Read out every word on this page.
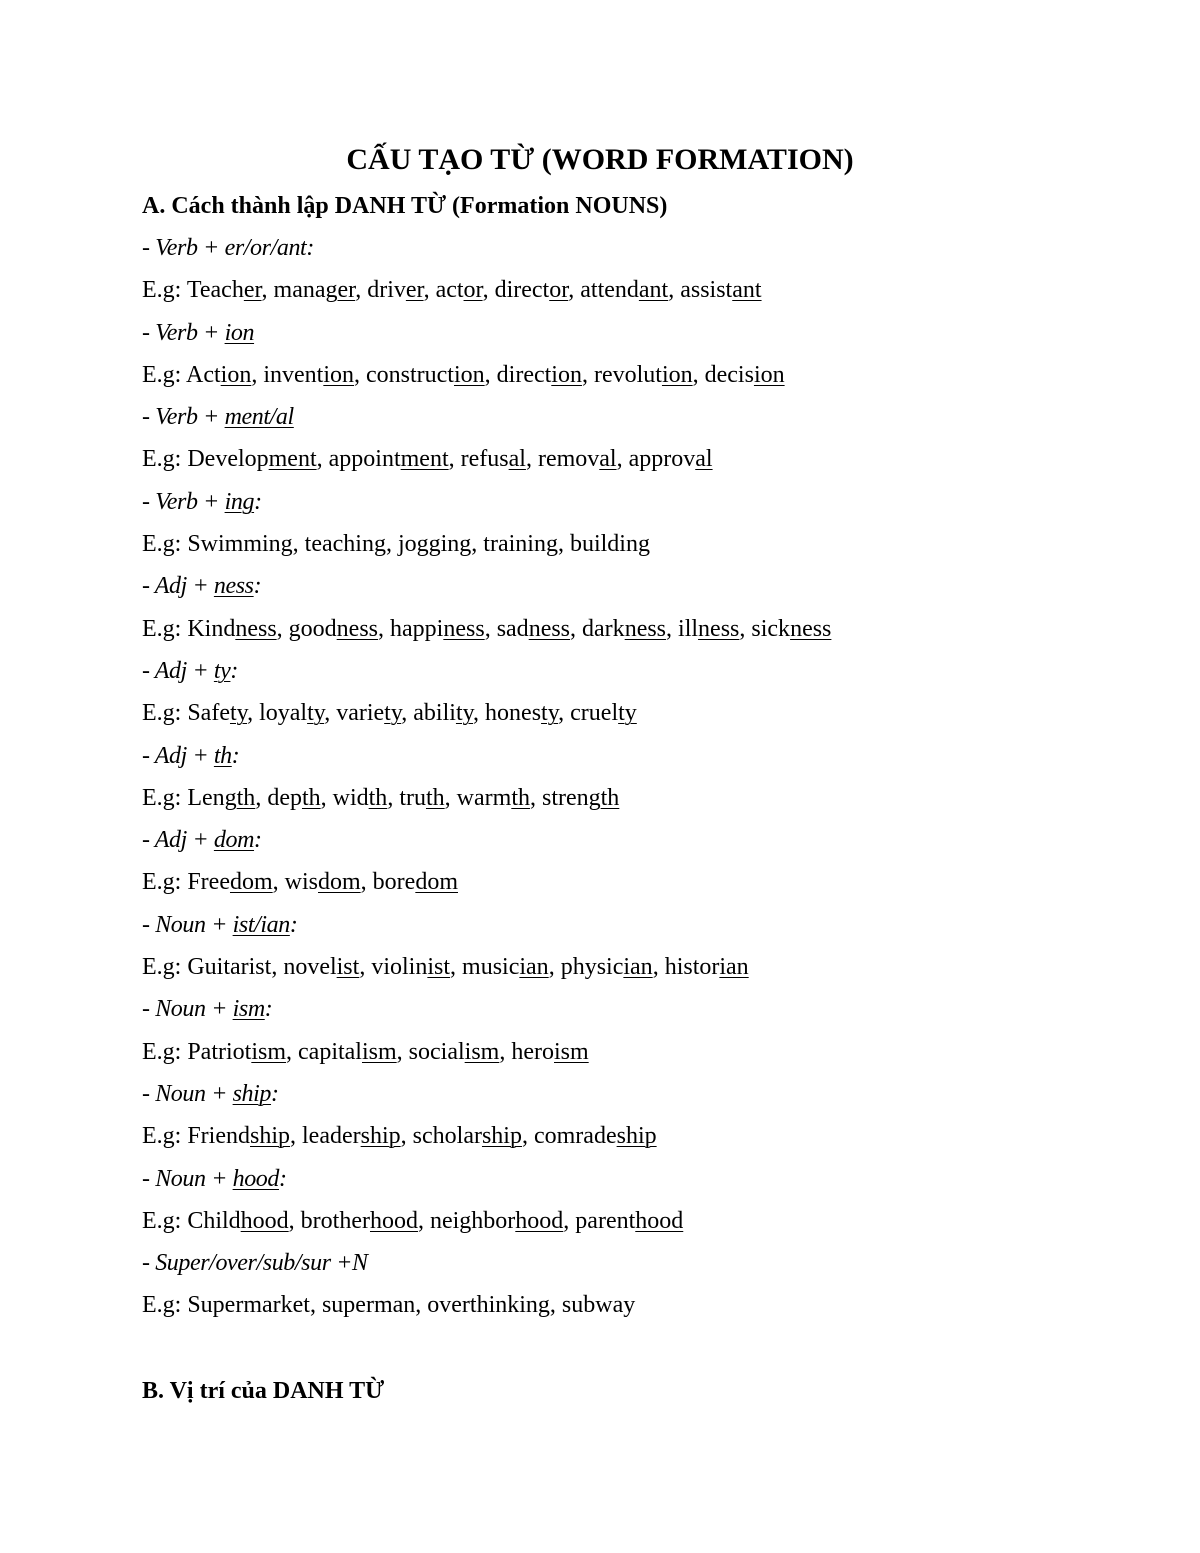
CẤU TẠO TỪ (WORD FORMATION)
A. Cách thành lập DANH TỪ (Formation NOUNS)
- Verb + er/or/ant:
E.g: Teacher, manager, driver, actor, director, attendant, assistant
- Verb + ion
E.g: Action, invention, construction, direction, revolution, decision
- Verb + ment/al
E.g: Development, appointment, refusal, removal, approval
- Verb + ing:
E.g: Swimming, teaching, jogging, training, building
- Adj + ness:
E.g: Kindness, goodness, happiness, sadness, darkness, illness, sickness
- Adj + ty:
E.g: Safety, loyalty, variety, ability, honesty, cruelty
- Adj + th:
E.g: Length, depth, width, truth, warmth, strength
- Adj + dom:
E.g: Freedom, wisdom, boredom
- Noun + ist/ian:
E.g: Guitarist, novelist, violinist, musician, physician, historian
- Noun + ism:
E.g: Patriotism, capitalism, socialism, heroism
- Noun + ship:
E.g: Friendship, leadership, scholarship, comradeship
- Noun + hood:
E.g: Childhood, brotherhood, neighborhood, parenthood
- Super/over/sub/sur +N
E.g: Supermarket, superman, overthinking, subway
B. Vị trí của DANH TỪ
